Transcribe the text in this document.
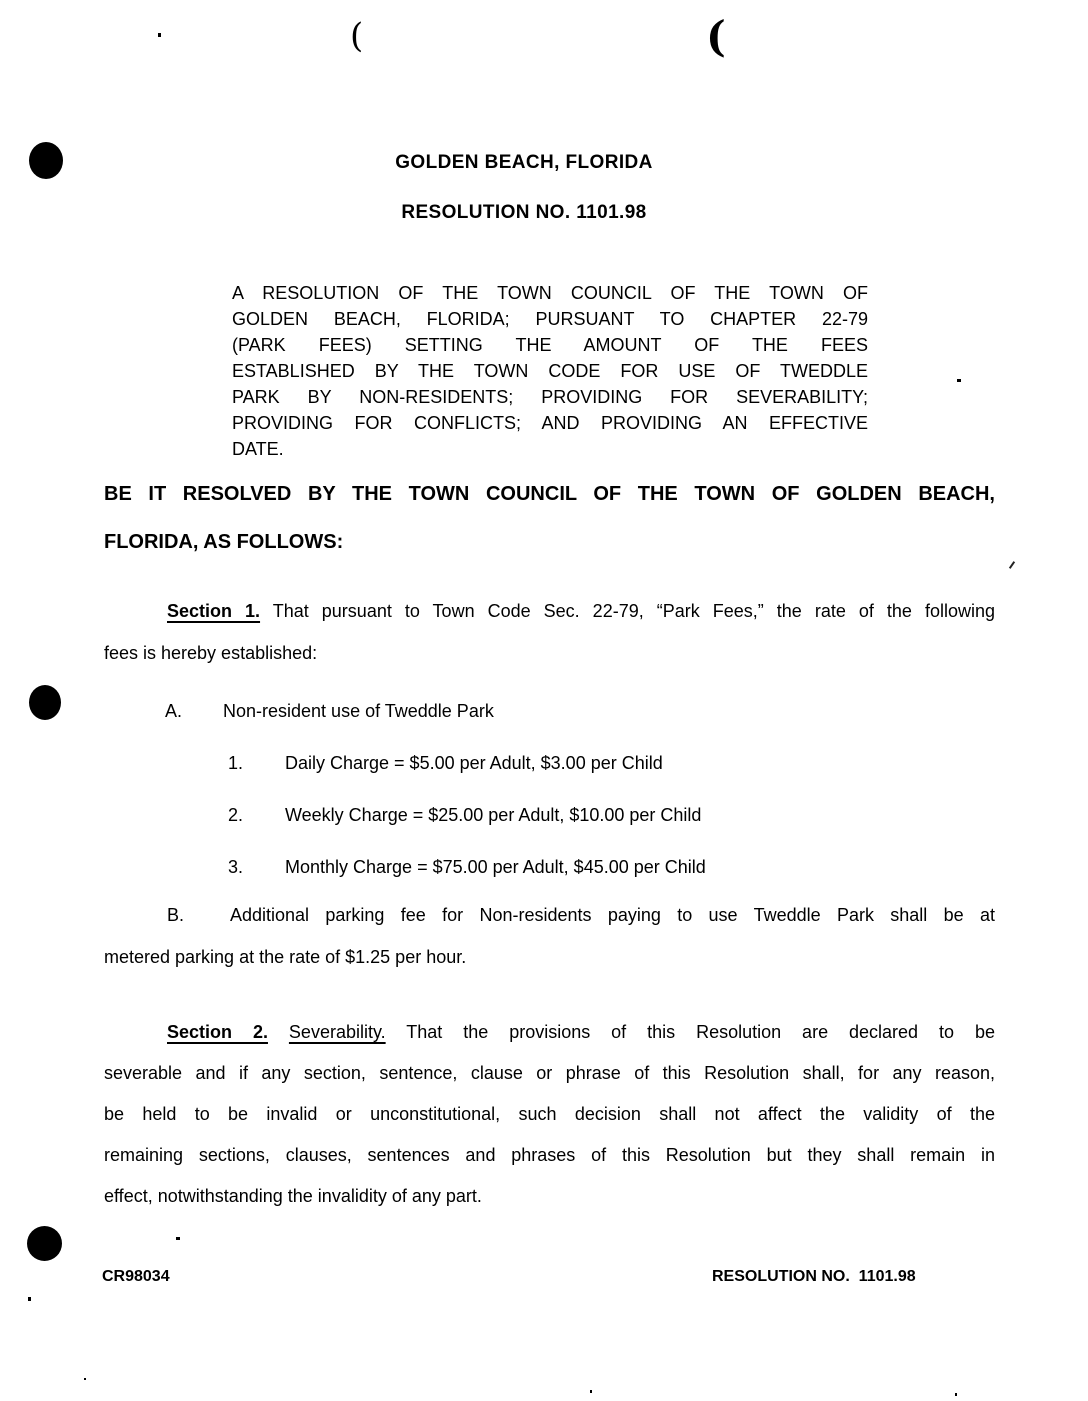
(	(
GOLDEN BEACH, FLORIDA
RESOLUTION NO. 1101.98
A RESOLUTION OF THE TOWN COUNCIL OF THE TOWN OF
GOLDEN BEACH, FLORIDA; PURSUANT TO CHAPTER 22-79
(PARK FEES) SETTING THE AMOUNT OF THE FEES
ESTABLISHED BY THE TOWN CODE FOR USE OF TWEDDLE
PARK BY NON-RESIDENTS; PROVIDING FOR SEVERABILITY;
PROVIDING FOR CONFLICTS; AND PROVIDING AN EFFECTIVE
DATE.
BE IT RESOLVED BY THE TOWN COUNCIL OF THE TOWN OF GOLDEN BEACH,
FLORIDA, AS FOLLOWS:
Section 1. That pursuant to Town Code Sec. 22-79, “Park Fees,” the rate of the following
fees is hereby established:
A. Non-resident use of Tweddle Park
1. Daily Charge = $5.00 per Adult, $3.00 per Child
2. Weekly Charge = $25.00 per Adult, $10.00 per Child
3. Monthly Charge = $75.00 per Adult, $45.00 per Child
B.	Additional parking fee for Non-residents paying to use Tweddle Park shall be at
metered parking at the rate of $1.25 per hour.
Section 2. Severability. That the provisions of this Resolution are declared to be
severable and if any section, sentence, clause or phrase of this Resolution shall, for any reason,
be held to be invalid or unconstitutional, such decision shall not affect the validity of the
remaining sections, clauses, sentences and phrases of this Resolution but they shall remain in
effect, notwithstanding the invalidity of any part.
CR98034	RESOLUTION NO.  1101.98
